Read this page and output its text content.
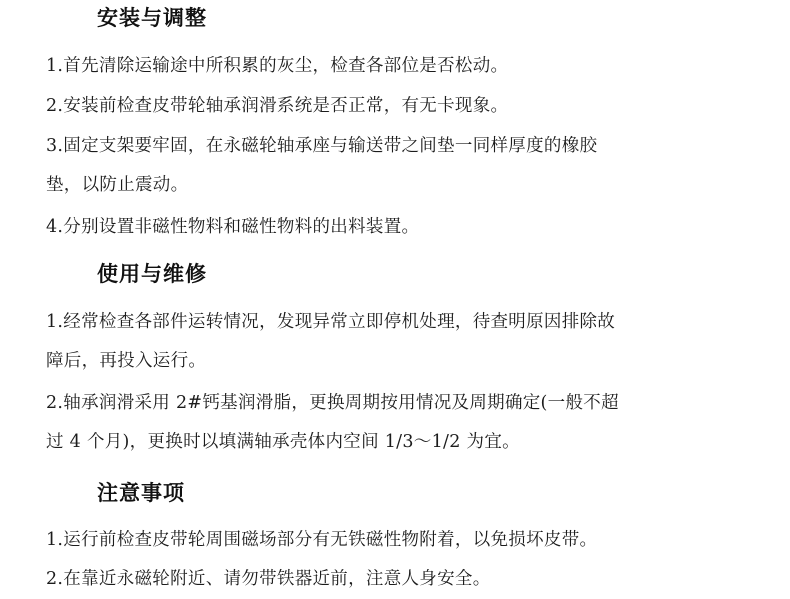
安装与调整
1.首先清除运输途中所积累的灰尘，检查各部位是否松动。
2.安装前检查皮带轮轴承润滑系统是否正常，有无卡现象。
3.固定支架要牢固，在永磁轮轴承座与输送带之间垫一同样厚度的橡胶
垫，以防止震动。
4.分别设置非磁性物料和磁性物料的出料装置。
使用与维修
1.经常检查各部件运转情况，发现异常立即停机处理，待查明原因排除故
障后，再投入运行。
2.轴承润滑采用 2#钙基润滑脂，更换周期按用情况及周期确定(一般不超
过 4 个月)，更换时以填满轴承壳体内空间 1/3～1/2 为宜。
注意事项
1.运行前检查皮带轮周围磁场部分有无铁磁性物附着，以免损坏皮带。
2.在靠近永磁轮附近、请勿带铁器近前，注意人身安全。
